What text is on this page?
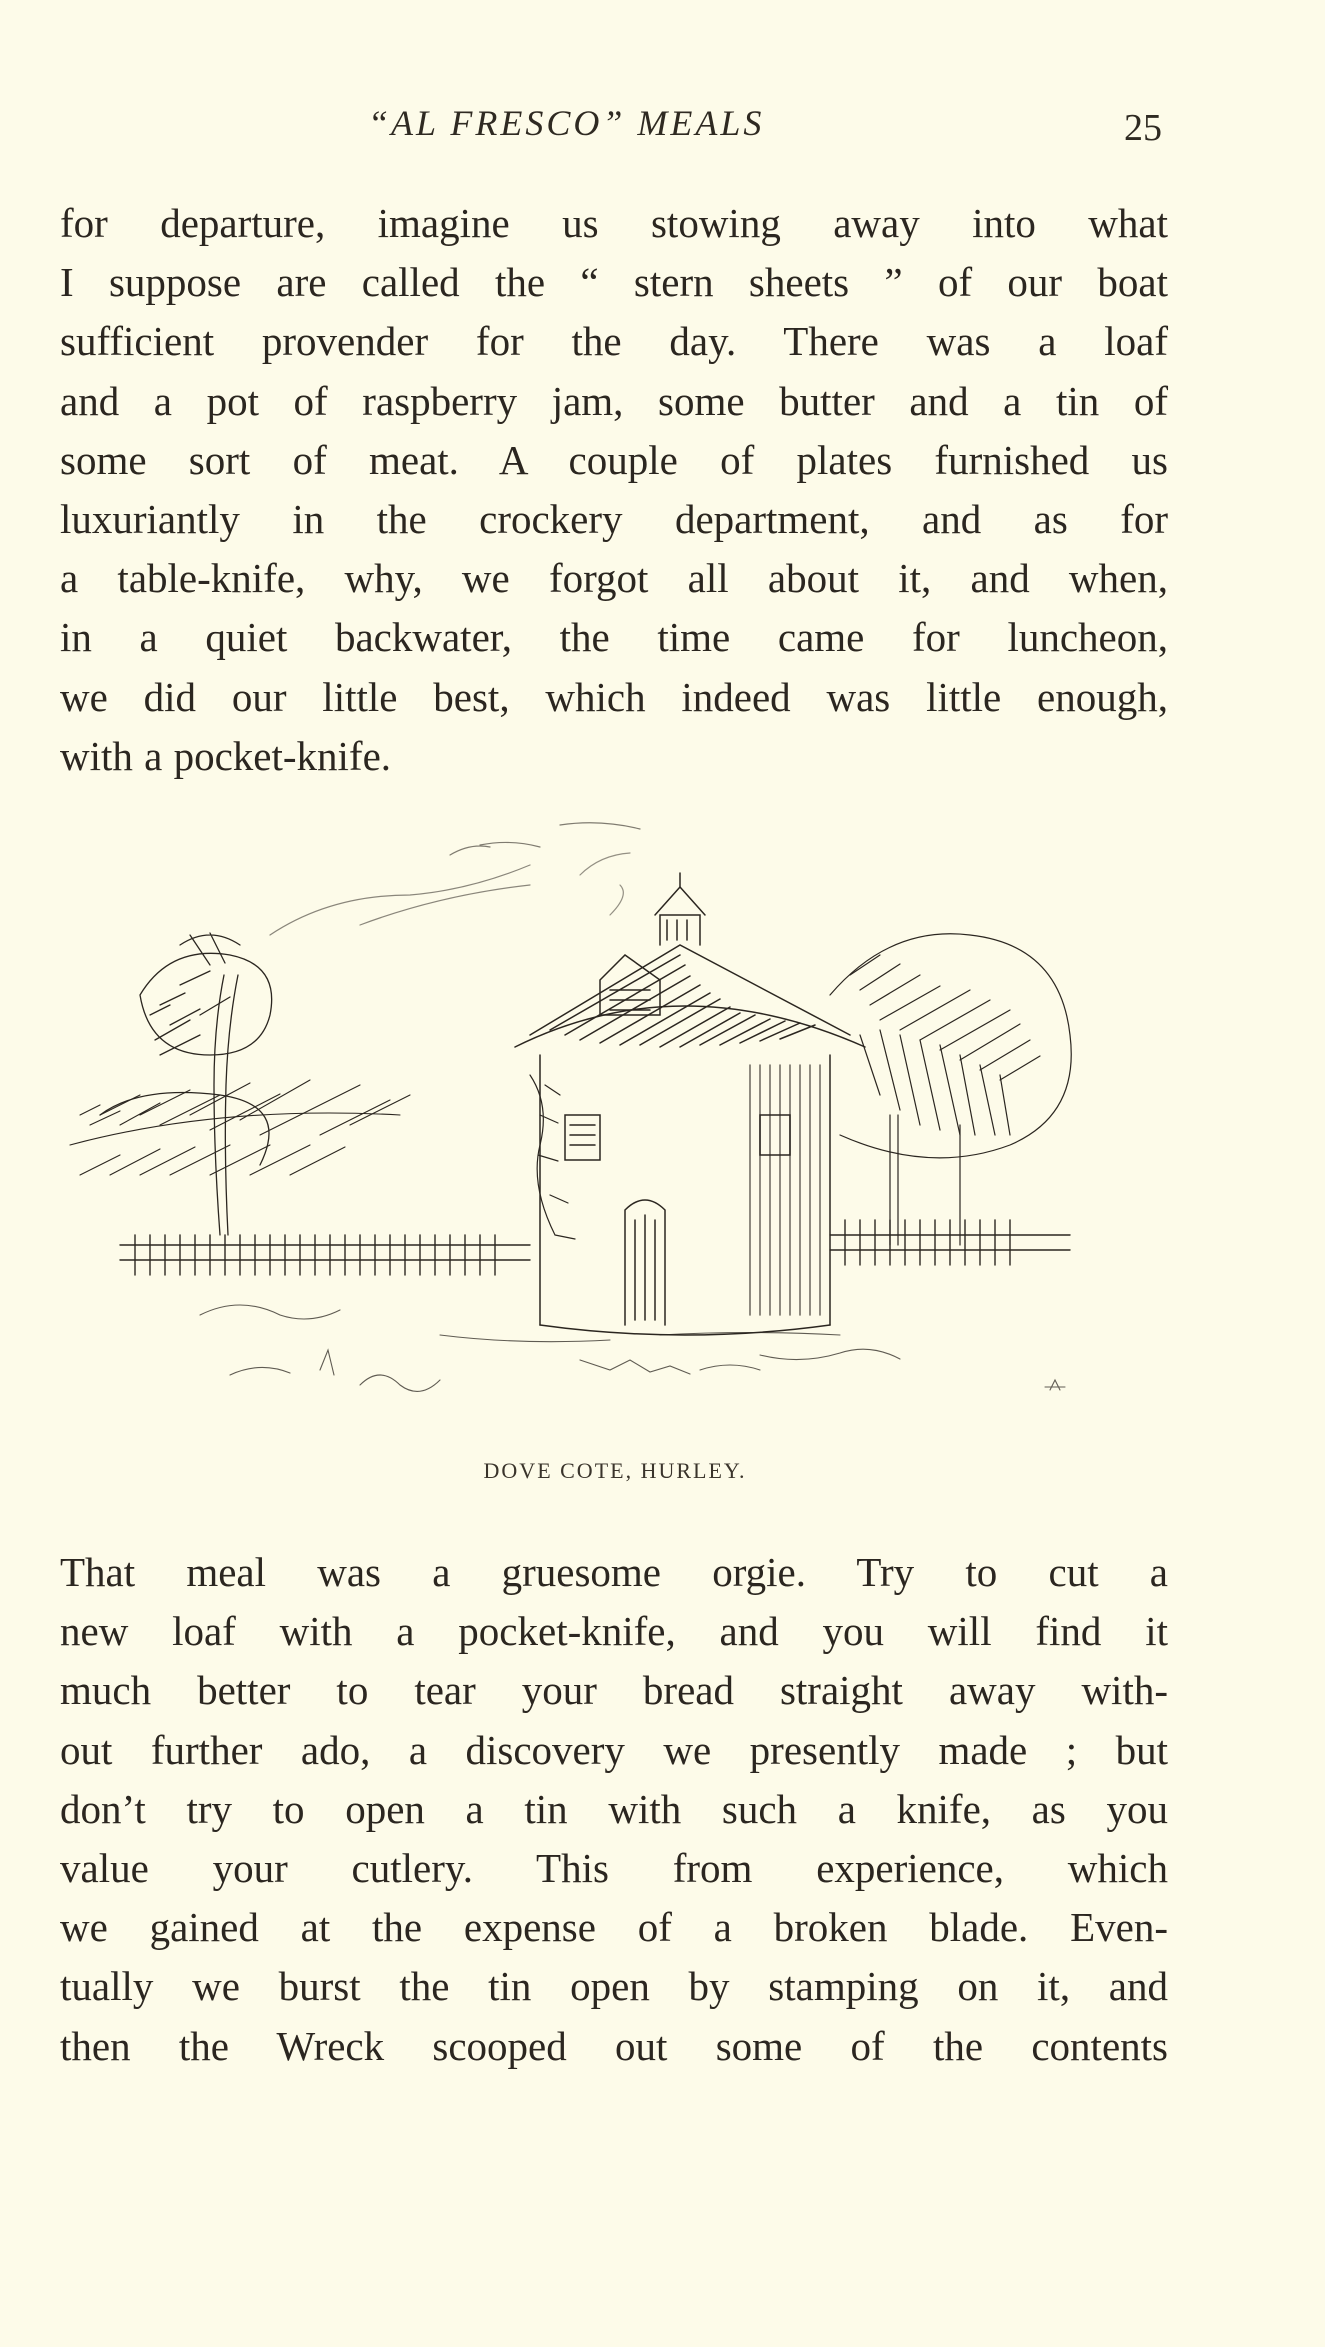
“AL FRESCO” MEALS	25
for departure, imagine us stowing away into what
I suppose are called the “ stern sheets ” of our boat
sufficient provender for the day. There was a loaf
and a pot of raspberry jam, some butter and a tin of
some sort of meat. A couple of plates furnished us
luxuriantly in the crockery department, and as for
a table-knife, why, we forgot all about it, and when,
in a quiet backwater, the time came for luncheon,
we did our little best, which indeed was little enough,
with a pocket-knife.
DOVE COTE, HURLEY.
That meal was a gruesome orgie. Try to cut a
new loaf with a pocket-knife, and you will find it
much better to tear your bread straight away with-
out further ado, a discovery we presently made ; but
don’t try to open a tin with such a knife, as you
value your cutlery. This from experience, which
we gained at the expense of a broken blade. Even-
tually we burst the tin open by stamping on it, and
then the Wreck scooped out some of the contents
